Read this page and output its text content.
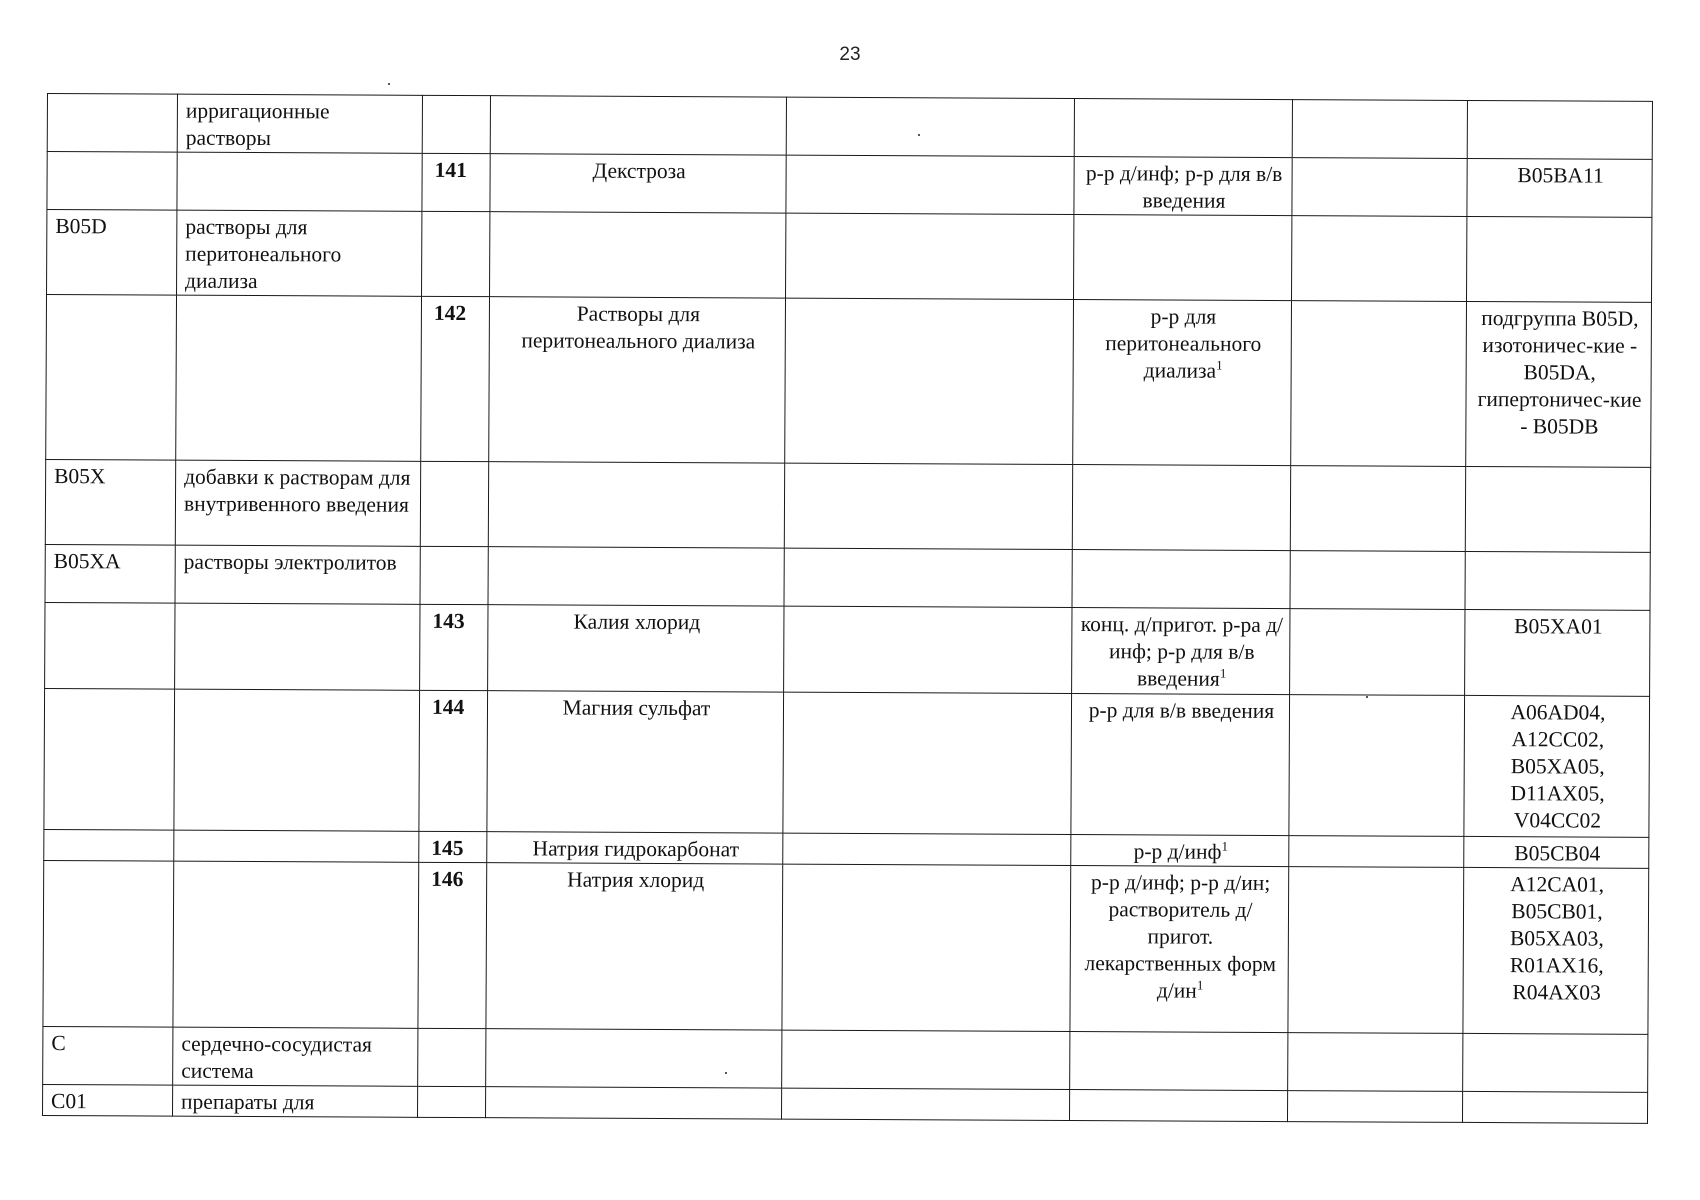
23
	ирригационные растворы						
		141	Декстроза		р-р д/инф; р-р для в/в введения		B05BA11
B05D	растворы для перитонеального диализа						
		142	Растворы для перитонеального диализа		р-р для перитонеального диализа$^1$		подгруппа B05D, изотоничес-кие - B05DA, гипертоничес-кие - B05DB
B05X	добавки к растворам для внутривенного введения						
B05XA	растворы электролитов						
		143	Калия хлорид		конц. д/пригот. р-ра д/инф; р-р для в/в введения$^1$		B05XA01
		144	Магния сульфат		р-р для в/в введения		A06AD04, A12CC02, B05XA05, D11AX05, V04CC02
		145	Натрия гидрокарбонат		р-р д/инф$^1$		B05CB04
		146	Натрия хлорид		р-р д/инф; р-р д/ин; растворитель д/пригот. лекарственных форм $д/ин^1$		A12CA01, B05CB01, B05XA03, R01AX16, R04AX03
C	сердечно-сосудистая система						
C01	препараты для						
